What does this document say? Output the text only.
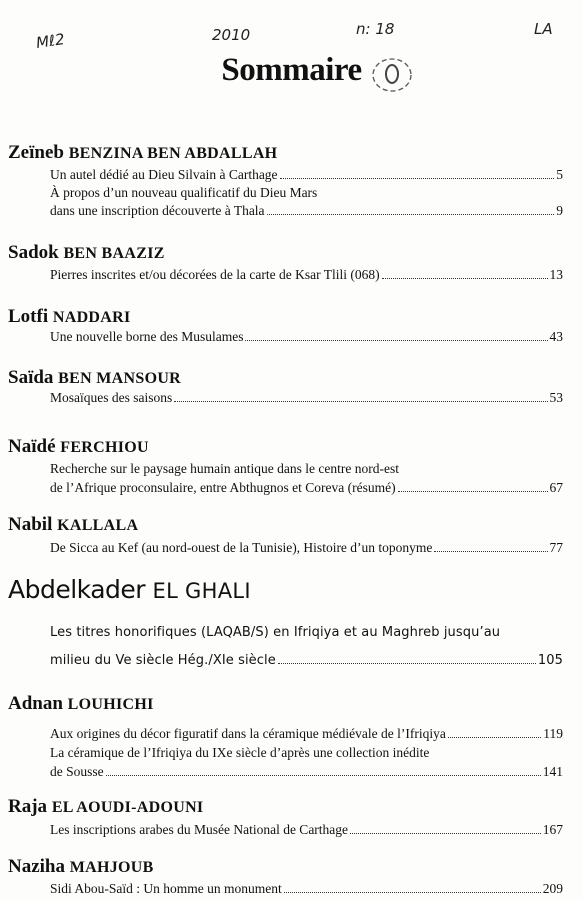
Mℓ2	2010	n: 18	LA
Sommaire
Zeïneb BENZINA BEN ABDALLAH
Un autel dédié au Dieu Silvain à Carthage	5
À propos d’un nouveau qualificatif du Dieu Mars
dans une inscription découverte à Thala	9
Sadok BEN BAAZIZ
Pierres inscrites et/ou décorées de la carte de Ksar Tlili (068)	13
Lotfi NADDARI
Une nouvelle borne des Musulames	43
Saïda BEN MANSOUR
Mosaïques des saisons	53
Naïdé FERCHIOU
Recherche sur le paysage humain antique dans le centre nord-est
de l’Afrique proconsulaire, entre Abthugnos et Coreva (résumé)	67
Nabil KALLALA
De Sicca au Kef (au nord-ouest de la Tunisie), Histoire d’un toponyme	77
Abdelkader EL GHALI
Les titres honorifiques (LAQAB/S) en Ifriqiya et au Maghreb jusqu’au
milieu du Ve siècle Hég./XIe siècle	105
Adnan LOUHICHI
Aux origines du décor figuratif dans la céramique médiévale de l’Ifriqiya	119
La céramique de l’Ifriqiya du IXe siècle d’après une collection inédite
de Sousse	141
Raja EL AOUDI-ADOUNI
Les inscriptions arabes du Musée National de Carthage	167
Naziha MAHJOUB
Sidi Abou-Saïd : Un homme un monument	209
